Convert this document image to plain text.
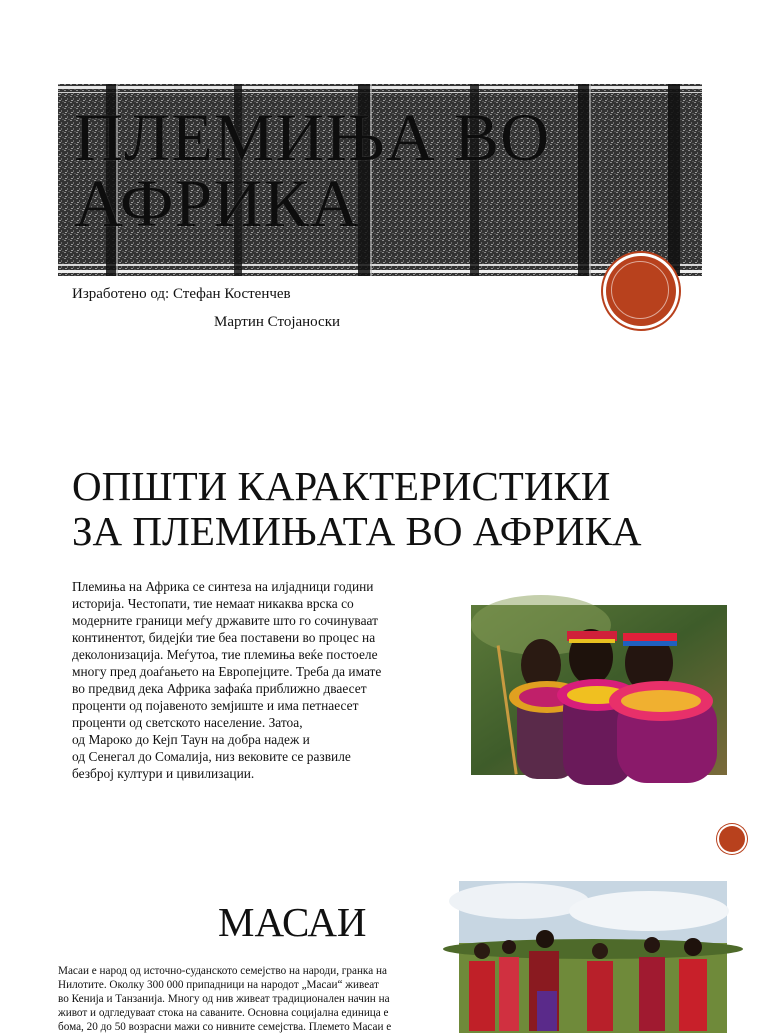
ПЛЕМИЊА ВО АФРИКА
Изработено од: Стефан Костенчев
Мартин Стојаноски
ОПШТИ КАРАКТЕРИСТИКИ
ЗА ПЛЕМИЊАТА ВО АФРИКА

Племиња на Африка се синтеза на илјадници години

историја. Честопати, тие немаат никаква врска со

модерните граници меѓу државите што го сочинуваат

континентот, бидејќи тие беа поставени во процес на

деколонизација. Меѓутоа, тие племиња веќе постоеле

многу пред доаѓањето на Европејците. Треба да имате

во предвид дека Африка зафаќа приближно дваесет

проценти од појавеното земјиште и има петнаесет

проценти од светското население. Затоа,

од Мароко до Кејп Таун на добра надеж и

од Сенегал до Сомалија, низ вековите се развиле

безброј култури и цивилизации.

МАСАИ

Масаи е народ од источно-суданското семејство на народи, гранка на

Нилотите. Околку 300 000 припадници на народот „Масаи“ живеат

во Кенија и Танзанија. Многу од нив живеат традиционален начин на

живот и одгледуваат стока на саваните. Основна социјална единица е

бома, 20 до 50 возрасни мажи со нивните семејства. Племето Масаи е
